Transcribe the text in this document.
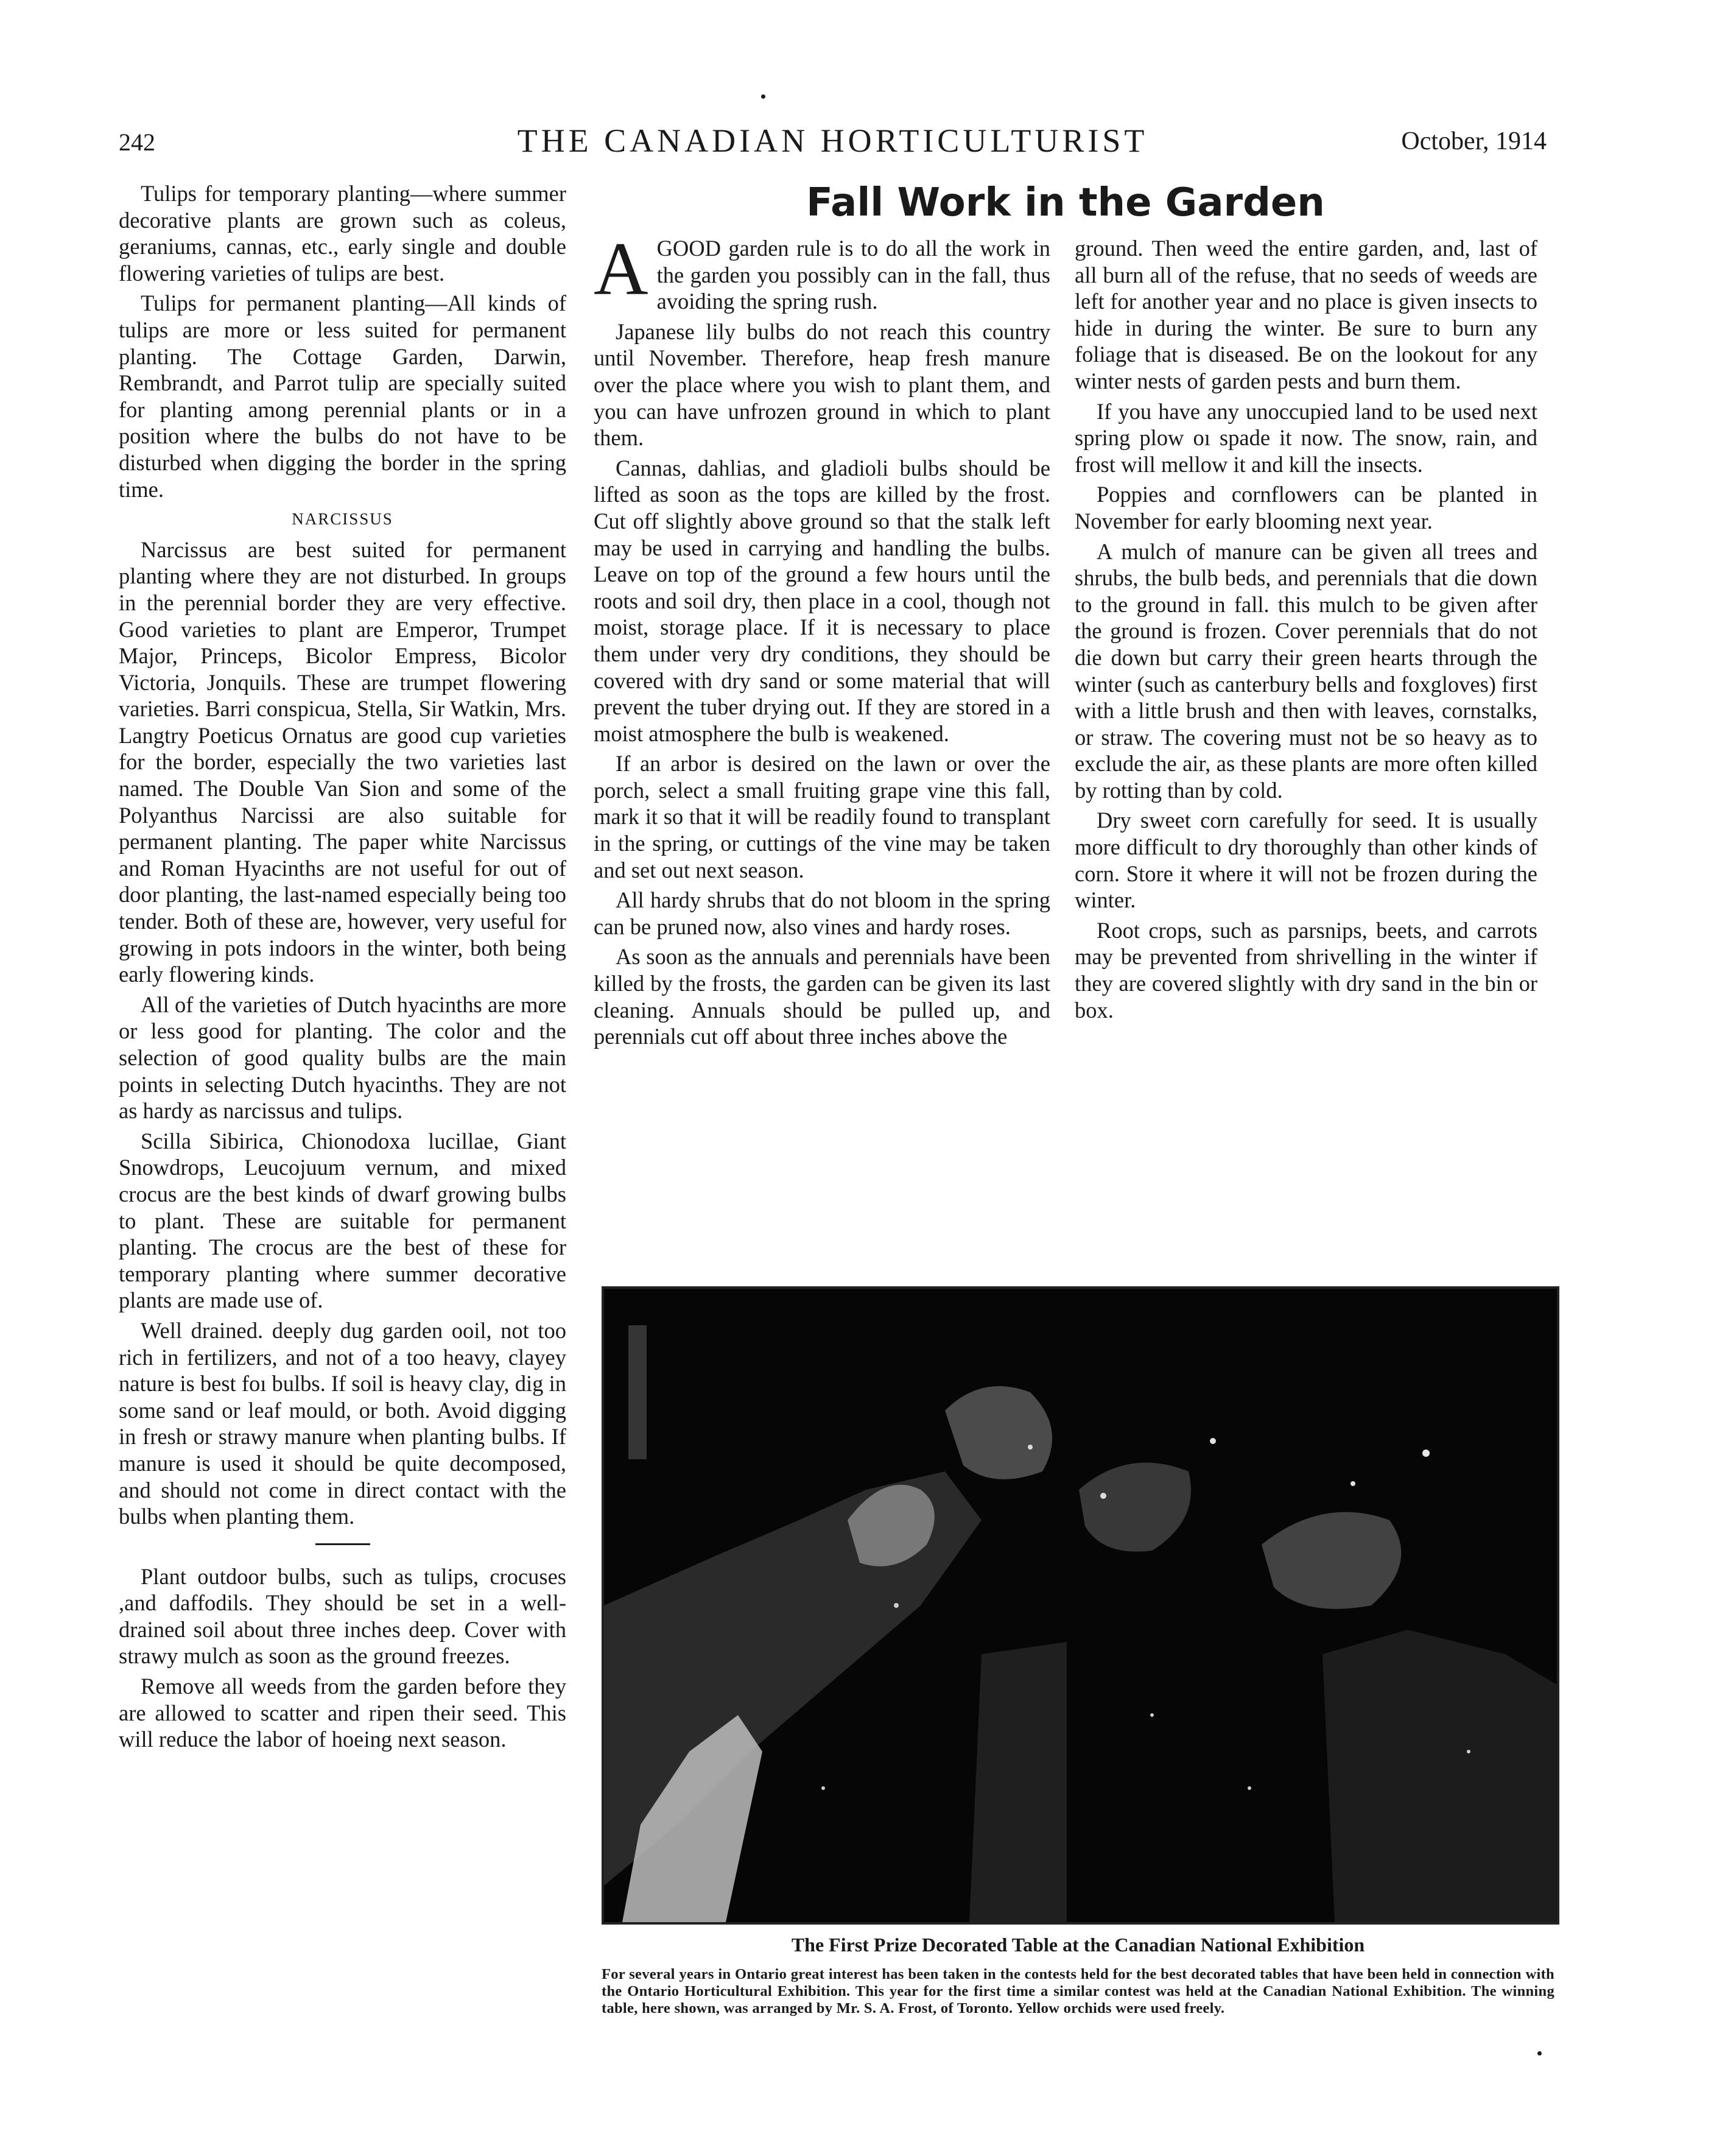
242	THE CANADIAN HORTICULTURIST	October, 1914

Tulips for temporary planting—where summer decorative plants are grown such as coleus, geraniums, cannas, etc., early single and double flowering varieties of tulips are best.

Tulips for permanent planting—All kinds of tulips are more or less suited for permanent planting. The Cottage Garden, Darwin, Rembrandt, and Parrot tulip are specially suited for planting among perennial plants or in a position where the bulbs do not have to be disturbed when digging the border in the spring time.

NARCISSUS

Narcissus are best suited for permanent planting where they are not disturbed. In groups in the perennial border they are very effective. Good varieties to plant are Emperor, Trumpet Major, Princeps, Bicolor Empress, Bicolor Victoria, Jonquils. These are trumpet flowering varieties. Barri conspicua, Stella, Sir Watkin, Mrs. Langtry Poeticus Ornatus are good cup varieties for the border, especially the two varieties last named. The Double Van Sion and some of the Polyanthus Narcissi are also suitable for permanent planting. The paper white Narcissus and Roman Hyacinths are not useful for out of door planting, the last-named especially being too tender. Both of these are, however, very useful for growing in pots indoors in the winter, both being early flowering kinds.

All of the varieties of Dutch hyacinths are more or less good for planting. The color and the selection of good quality bulbs are the main points in selecting Dutch hyacinths. They are not as hardy as narcissus and tulips.

Scilla Sibirica, Chionodoxa lucillae, Giant Snowdrops, Leucojuum vernum, and mixed crocus are the best kinds of dwarf growing bulbs to plant. These are suitable for permanent planting. The crocus are the best of these for temporary planting where summer decorative plants are made use of.

Well drained. deeply dug garden ooil, not too rich in fertilizers, and not of a too heavy, clayey nature is best foı bulbs. If soil is heavy clay, dig in some sand or leaf mould, or both. Avoid digging in fresh or strawy manure when planting bulbs. If manure is used it should be quite decomposed, and should not come in direct contact with the bulbs when planting them.

Plant outdoor bulbs, such as tulips, crocuses ,and daffodils. They should be set in a well-drained soil about three inches deep. Cover with strawy mulch as soon as the ground freezes.

Remove all weeds from the garden before they are allowed to scatter and ripen their seed. This will reduce the labor of hoeing next season.

Fall Work in the Garden

AGOOD garden rule is to do all the work in the garden you possibly can in the fall, thus avoiding the spring rush.

Japanese lily bulbs do not reach this country until November. Therefore, heap fresh manure over the place where you wish to plant them, and you can have unfrozen ground in which to plant them.

Cannas, dahlias, and gladioli bulbs should be lifted as soon as the tops are killed by the frost. Cut off slightly above ground so that the stalk left may be used in carrying and handling the bulbs. Leave on top of the ground a few hours until the roots and soil dry, then place in a cool, though not moist, storage place. If it is necessary to place them under very dry conditions, they should be covered with dry sand or some material that will prevent the tuber drying out. If they are stored in a moist atmosphere the bulb is weakened.

If an arbor is desired on the lawn or over the porch, select a small fruiting grape vine this fall, mark it so that it will be readily found to transplant in the spring, or cuttings of the vine may be taken and set out next season.

All hardy shrubs that do not bloom in the spring can be pruned now, also vines and hardy roses.

As soon as the annuals and perennials have been killed by the frosts, the garden can be given its last cleaning. Annuals should be pulled up, and perennials cut off about three inches above the

ground. Then weed the entire garden, and, last of all burn all of the refuse, that no seeds of weeds are left for another year and no place is given insects to hide in during the winter. Be sure to burn any foliage that is diseased. Be on the lookout for any winter nests of garden pests and burn them.

If you have any unoccupied land to be used next spring plow oı spade it now. The snow, rain, and frost will mellow it and kill the insects.

Poppies and cornflowers can be planted in November for early blooming next year.

A mulch of manure can be given all trees and shrubs, the bulb beds, and perennials that die down to the ground in fall. this mulch to be given after the ground is frozen. Cover perennials that do not die down but carry their green hearts through the winter (such as canterbury bells and foxgloves) first with a little brush and then with leaves, cornstalks, or straw. The covering must not be so heavy as to exclude the air, as these plants are more often killed by rotting than by cold.

Dry sweet corn carefully for seed. It is usually more difficult to dry thoroughly than other kinds of corn. Store it where it will not be frozen during the winter.

Root crops, such as parsnips, beets, and carrots may be prevented from shrivelling in the winter if they are covered slightly with dry sand in the bin or box.

The First Prize Decorated Table at the Canadian National Exhibition
For several years in Ontario great interest has been taken in the contests held for the best decorated tables that have been held in connection with the Ontario Horticultural Exhibition. This year for the first time a similar contest was held at the Canadian National Exhibition. The winning table, here shown, was arranged by Mr. S. A. Frost, of Toronto. Yellow orchids were used freely.
